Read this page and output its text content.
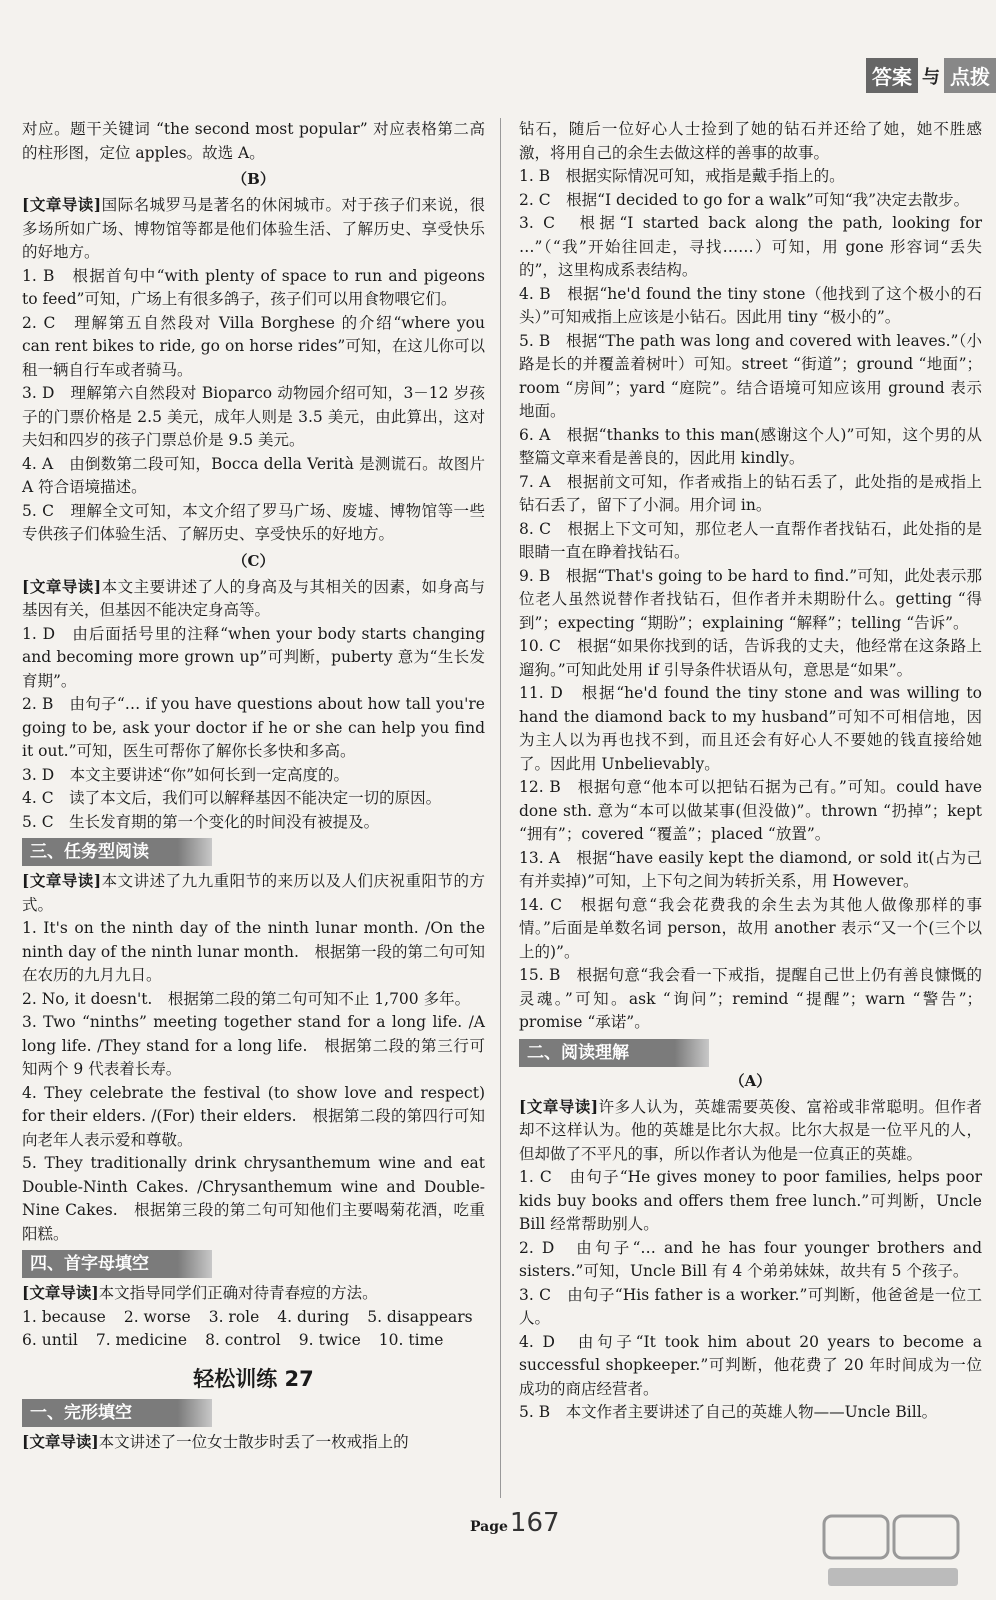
答案 与 点拨

对应。题干关键词 “the second most popular” 对应表格第二高的柱形图，定位 apples。故选 A。

（B）

[文章导读]国际名城罗马是著名的休闲城市。对于孩子们来说，很多场所如广场、博物馆等都是他们体验生活、了解历史、享受快乐的好地方。

1. B　根据首句中“with plenty of space to run and pigeons to feed”可知，广场上有很多鸽子，孩子们可以用食物喂它们。

2. C　理解第五自然段对 Villa Borghese 的介绍“where you can rent bikes to ride, go on horse rides”可知，在这儿你可以租一辆自行车或者骑马。

3. D　理解第六自然段对 Bioparco 动物园介绍可知，3－12 岁孩子的门票价格是 2.5 美元，成年人则是 3.5 美元，由此算出，这对夫妇和四岁的孩子门票总价是 9.5 美元。

4. A　由倒数第二段可知，Bocca della Verità 是测谎石。故图片 A 符合语境描述。

5. C　理解全文可知，本文介绍了罗马广场、废墟、博物馆等一些专供孩子们体验生活、了解历史、享受快乐的好地方。

（C）

[文章导读]本文主要讲述了人的身高及与其相关的因素，如身高与基因有关，但基因不能决定身高等。

1. D　由后面括号里的注释“when your body starts changing and becoming more grown up”可判断，puberty 意为“生长发育期”。

2. B　由句子“… if you have questions about how tall you're going to be, ask your doctor if he or she can help you find it out.”可知，医生可帮你了解你长多快和多高。

3. D　本文主要讲述“你”如何长到一定高度的。

4. C　读了本文后，我们可以解释基因不能决定一切的原因。

5. C　生长发育期的第一个变化的时间没有被提及。

三、任务型阅读

[文章导读]本文讲述了九九重阳节的来历以及人们庆祝重阳节的方式。

1. It's on the ninth day of the ninth lunar month. /On the ninth day of the ninth lunar month.　根据第一段的第二句可知在农历的九月九日。

2. No, it doesn't.　根据第二段的第二句可知不止 1,700 多年。

3. Two “ninths” meeting together stand for a long life. /A long life. /They stand for a long life.　根据第二段的第三行可知两个 9 代表着长寿。

4. They celebrate the festival (to show love and respect) for their elders. /(For) their elders.　根据第二段的第四行可知向老年人表示爱和尊敬。

5. They traditionally drink chrysanthemum wine and eat Double-Ninth Cakes. /Chrysanthemum wine and Double-Nine Cakes.　根据第三段的第二句可知他们主要喝菊花酒，吃重阳糕。

四、首字母填空

[文章导读]本文指导同学们正确对待青春痘的方法。

1. because 2. worse 3. role 4. during 5. disappears
6. until 7. medicine 8. control 9. twice 10. time
轻松训练 27
一、完形填空

[文章导读]本文讲述了一位女士散步时丢了一枚戒指上的

钻石，随后一位好心人士捡到了她的钻石并还给了她，她不胜感激，将用自己的余生去做这样的善事的故事。

1. B　根据实际情况可知，戒指是戴手指上的。

2. C　根据“I decided to go for a walk”可知“我”决定去散步。

3. C　根据“I started back along the path, looking for …”（“我”开始往回走，寻找……）可知，用 gone 形容词“丢失的”，这里构成系表结构。

4. B　根据“he'd found the tiny stone（他找到了这个极小的石头）”可知戒指上应该是小钻石。因此用 tiny “极小的”。

5. B　根据“The path was long and covered with leaves.”（小路是长的并覆盖着树叶）可知。street “街道”；ground “地面”；room “房间”；yard “庭院”。结合语境可知应该用 ground 表示地面。

6. A　根据“thanks to this man(感谢这个人)”可知，这个男的从整篇文章来看是善良的，因此用 kindly。

7. A　根据前文可知，作者戒指上的钻石丢了，此处指的是戒指上钻石丢了，留下了小洞。用介词 in。

8. C　根据上下文可知，那位老人一直帮作者找钻石，此处指的是眼睛一直在睁着找钻石。

9. B　根据“That's going to be hard to find.”可知，此处表示那位老人虽然说替作者找钻石，但作者并未期盼什么。getting “得到”；expecting “期盼”；explaining “解释”；telling “告诉”。

10. C　根据“如果你找到的话，告诉我的丈夫，他经常在这条路上遛狗。”可知此处用 if 引导条件状语从句，意思是“如果”。

11. D　根据“he'd found the tiny stone and was willing to hand the diamond back to my husband”可知不可相信地，因为主人以为再也找不到，而且还会有好心人不要她的钱直接给她了。因此用 Unbelievably。

12. B　根据句意“他本可以把钻石据为己有。”可知。could have done sth. 意为“本可以做某事(但没做)”。thrown “扔掉”；kept “拥有”；covered “覆盖”；placed “放置”。

13. A　根据“have easily kept the diamond, or sold it(占为己有并卖掉)”可知，上下句之间为转折关系，用 However。

14. C　根据句意“我会花费我的余生去为其他人做像那样的事情。”后面是单数名词 person，故用 another 表示“又一个(三个以上的)”。

15. B　根据句意“我会看一下戒指，提醒自己世上仍有善良慷慨的灵魂。”可知。ask “询问”；remind “提醒”；warn “警告”；promise “承诺”。

二、阅读理解
（A）

[文章导读]许多人认为，英雄需要英俊、富裕或非常聪明。但作者却不这样认为。他的英雄是比尔大叔。比尔大叔是一位平凡的人，但却做了不平凡的事，所以作者认为他是一位真正的英雄。

1. C　由句子“He gives money to poor families, helps poor kids buy books and offers them free lunch.”可判断，Uncle Bill 经常帮助别人。

2. D　由句子“… and he has four younger brothers and sisters.”可知，Uncle Bill 有 4 个弟弟妹妹，故共有 5 个孩子。

3. C　由句子“His father is a worker.”可判断，他爸爸是一位工人。

4. D　由句子“It took him about 20 years to become a successful shopkeeper.”可判断，他花费了 20 年时间成为一位成功的商店经营者。

5. B　本文作者主要讲述了自己的英雄人物——Uncle Bill。

Page 167
